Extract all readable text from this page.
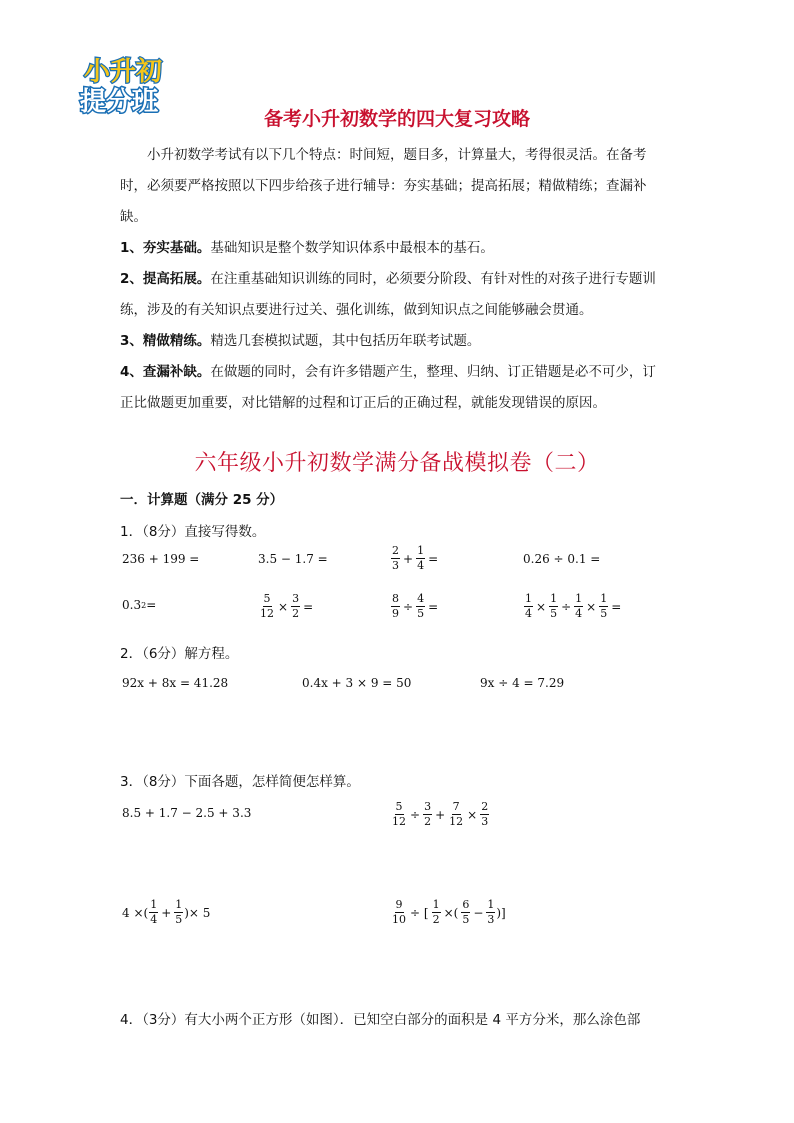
小升初
提分班
备考小升初数学的四大复习攻略
小升初数学考试有以下几个特点：时间短，题目多，计算量大，考得很灵活。在备考
时，必须要严格按照以下四步给孩子进行辅导：夯实基础；提高拓展；精做精练；查漏补
缺。
1、夯实基础。基础知识是整个数学知识体系中最根本的基石。
2、提高拓展。在注重基础知识训练的同时，必须要分阶段、有针对性的对孩子进行专题训
练，涉及的有关知识点要进行过关、强化训练，做到知识点之间能够融会贯通。
3、精做精练。精选几套模拟试题，其中包括历年联考试题。
4、查漏补缺。在做题的同时，会有许多错题产生，整理、归纳、订正错题是必不可少，订
正比做题更加重要，对比错解的过程和订正后的正确过程，就能发现错误的原因。
六年级小升初数学满分备战模拟卷（二）
一．计算题（满分 25 分）
1．（8分）直接写得数。
236 + 199 =	3.5 − 1.7 =	$\frac{2}{3} + \frac{1}{4}$ =	0.26 ÷ 0.1 =
0.3 2 =	$\frac{5}{12} \times \frac{3}{2}$ =	$\frac{8}{9} \div \frac{4}{5}$ =	$\frac{1}{4} \times \frac{1}{5} \div \frac{1}{4} \times \frac{1}{5}$ =
2．（6分）解方程。
92x + 8x = 41.28	0.4x + 3 × 9 = 50	9x ÷ 4 = 7.29
3．（8分）下面各题，怎样简便怎样算。
8.5 + 1.7 − 2.5 + 3.3	$\frac{5}{12} \div \frac{3}{2} + \frac{7}{12} \times \frac{2}{3}$
4 ×( $\frac{1}{4} + \frac{1}{5}$ )× 5	$\frac{9}{10}$ ÷ [ $\frac{1}{2}$ ×( $\frac{6}{5} - \frac{1}{3}$ )]
4．（3分）有大小两个正方形（如图）．已知空白部分的面积是 4 平方分米，那么涂色部
